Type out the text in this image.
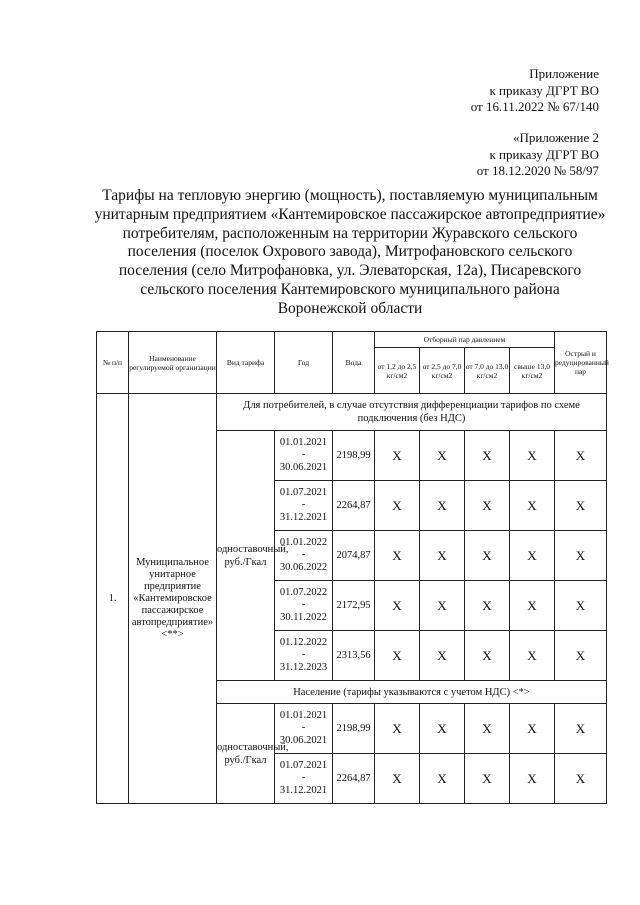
Приложение
к приказу ДГРТ ВО
от 16.11.2022 № 67/140
«Приложение 2
к приказу ДГРТ ВО
от 18.12.2020 № 58/97
Тарифы на тепловую энергию (мощность), поставляемую муниципальным
унитарным предприятием «Кантемировское пассажирское автопредприятие»
потребителям, расположенным на территории Журавского сельского
поселения (поселок Охрового завода), Митрофановского сельского
поселения (село Митрофановка, ул. Элеваторская, 12а), Писаревского
сельского поселения Кантемировского муниципального района
Воронежской области
№ п/п	Наименование регулируемой организации	Вид тарифа	Год	Вода	Отборный пар давлением				Острый и редуцированный пар
					от 1,2 до 2,5 кг/см2	от 2,5 до 7,0 кг/см2	от 7,0 до 13,0 кг/см2	свыше 13,0 кг/см2	
1.	Муниципальное унитарное предприятие «Кантемировское пассажирское автопредприятие» <**>	Для потребителей, в случае отсутствия дифференциации тарифов по схеме подключения (без НДС)							
		одноставочный, руб./Гкал	01.01.2021
-
30.06.2021	2198,99	X	X	X	X	X

			01.07.2021
-
31.12.2021	2264,87	X	X	X	X	X

			01.01.2022
-
30.06.2022	2074,87	X	X	X	X	X

			01.07.2022
-
30.11.2022	2172,95	X	X	X	X	X

			01.12.2022
-
31.12.2023	2313,56	X	X	X	X	X
		Население (тарифы указываются с учетом НДС) <*>							
		одноставочный, руб./Гкал	01.01.2021
-
30.06.2021	2198,99	X	X	X	X	X

			01.07.2021
-
31.12.2021	2264,87	X	X	X	X	X
